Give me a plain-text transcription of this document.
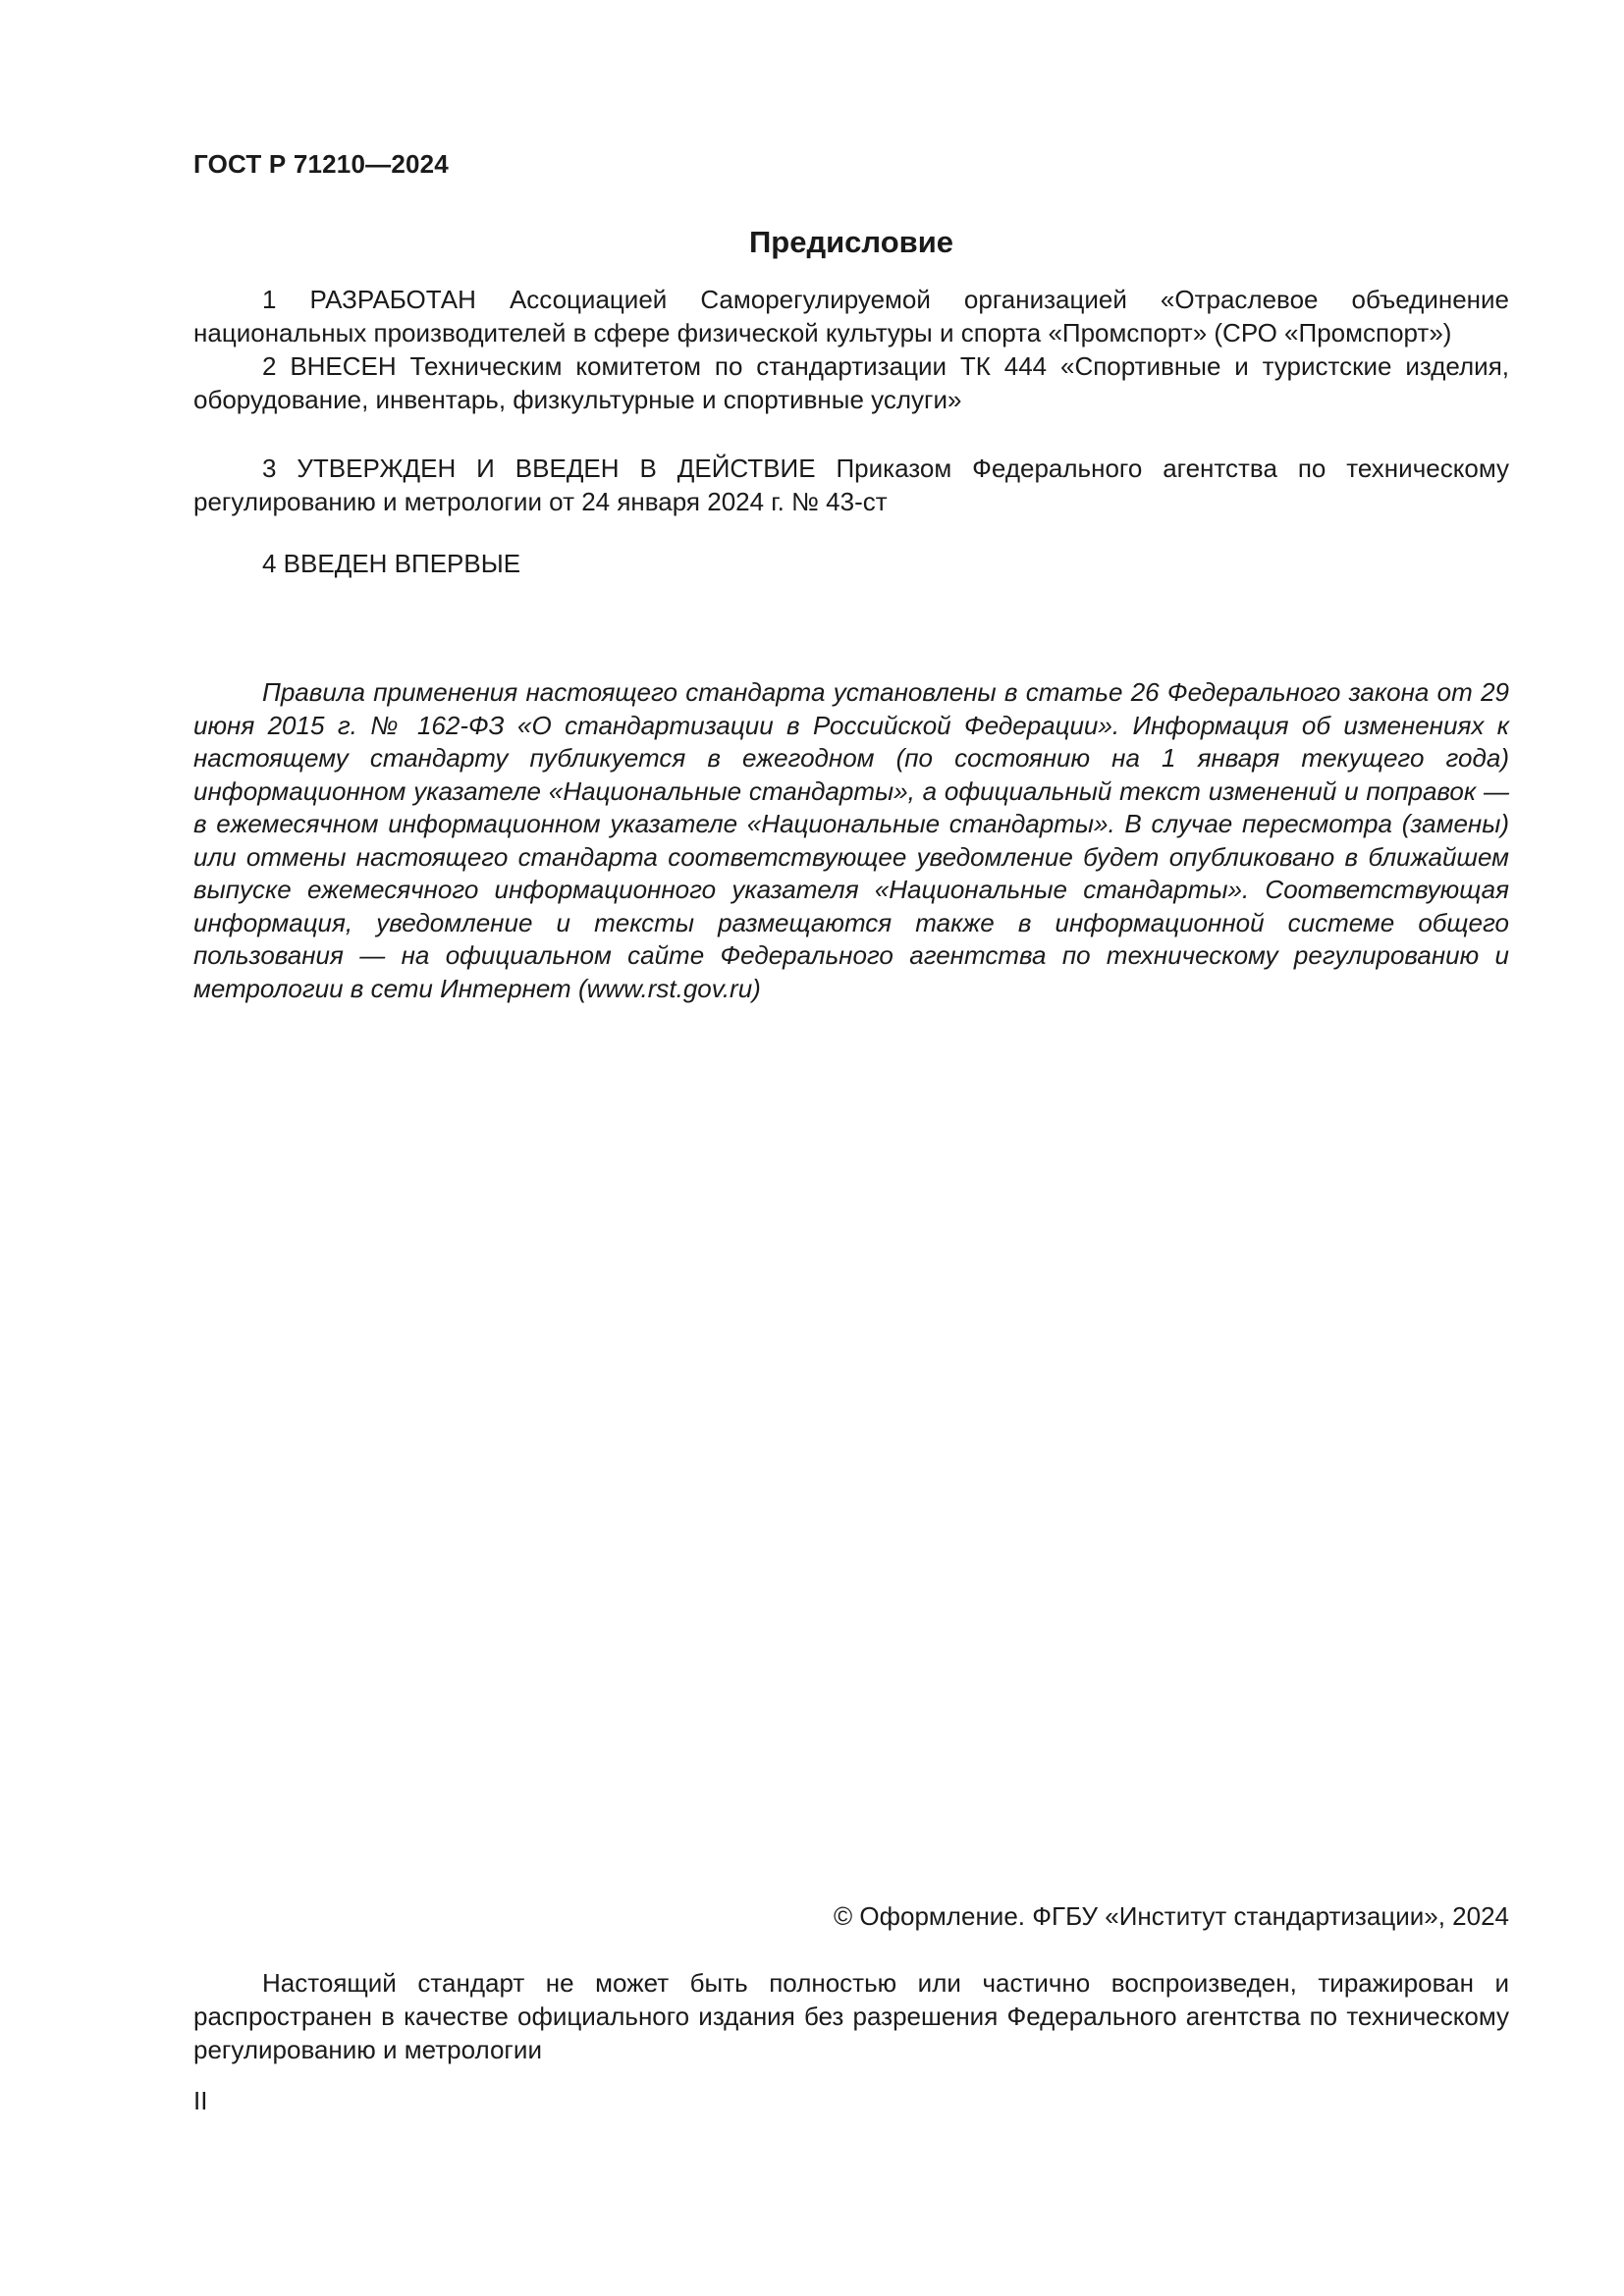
ГОСТ Р 71210—2024
Предисловие

1 РАЗРАБОТАН Ассоциацией Саморегулируемой организацией «Отраслевое объединение национальных производителей в сфере физической культуры и спорта «Промспорт» (СРО «Промспорт»)

2 ВНЕСЕН Техническим комитетом по стандартизации ТК 444 «Спортивные и туристские изделия, оборудование, инвентарь, физкультурные и спортивные услуги»

3 УТВЕРЖДЕН И ВВЕДЕН В ДЕЙСТВИЕ Приказом Федерального агентства по техническому регулированию и метрологии от 24 января 2024 г. № 43-ст

4 ВВЕДЕН ВПЕРВЫЕ

Правила применения настоящего стандарта установлены в статье 26 Федерального закона от 29 июня 2015 г. № 162-ФЗ «О стандартизации в Российской Федерации». Информация об изменениях к настоящему стандарту публикуется в ежегодном (по состоянию на 1 января текущего года) информационном указателе «Национальные стандарты», а официальный текст изменений и поправок — в ежемесячном информационном указателе «Национальные стандарты». В случае пересмотра (замены) или отмены настоящего стандарта соответствующее уведомление будет опубликовано в ближайшем выпуске ежемесячного информационного указателя «Национальные стандарты». Соответствующая информация, уведомление и тексты размещаются также в информационной системе общего пользования — на официальном сайте Федерального агентства по техническому регулированию и метрологии в сети Интернет (www.rst.gov.ru)

© Оформление. ФГБУ «Институт стандартизации», 2024

Настоящий стандарт не может быть полностью или частично воспроизведен, тиражирован и распространен в качестве официального издания без разрешения Федерального агентства по техническому регулированию и метрологии

II
